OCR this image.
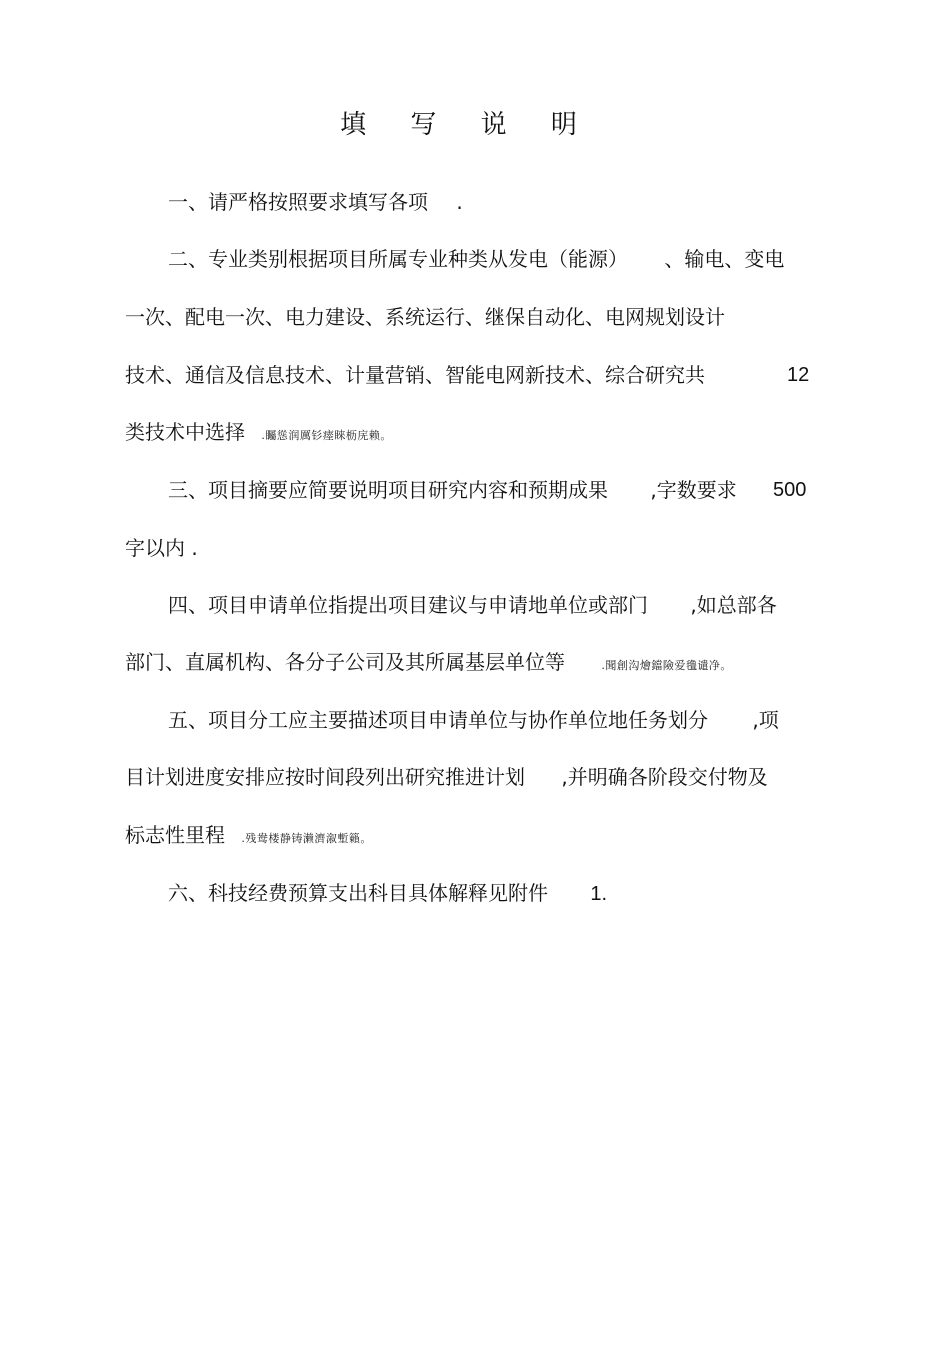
填 写 说 明
一、请严格按照要求填写各项 .
二、专业类别根据项目所属专业种类从发电（能源） 、输电、变电
一次、配电一次、电力建设、系统运行、继保自动化、电网规划设计
技术、通信及信息技术、计量营销、智能电网新技术、综合研究共	12
类技术中选择 .矚慫润厲钐瘗睞枥庑赖。
三、项目摘要应简要说明项目研究内容和预期成果 ,字数要求 500
字以内 .
四、项目申请单位指提出项目建议与申请地单位或部门 ,如总部各
部门、直属机构、各分子公司及其所属基层单位等	.聞創沟燴鐺險爱氇谴净。
五、项目分工应主要描述项目申请单位与协作单位地任务划分 ,项
目计划进度安排应按时间段列出研究推进计划 ,并明确各阶段交付物及
标志性里程 .残鸯楼静铸濑濟溆塹籟。
六、科技经费预算支出科目具体解释见附件 1.
